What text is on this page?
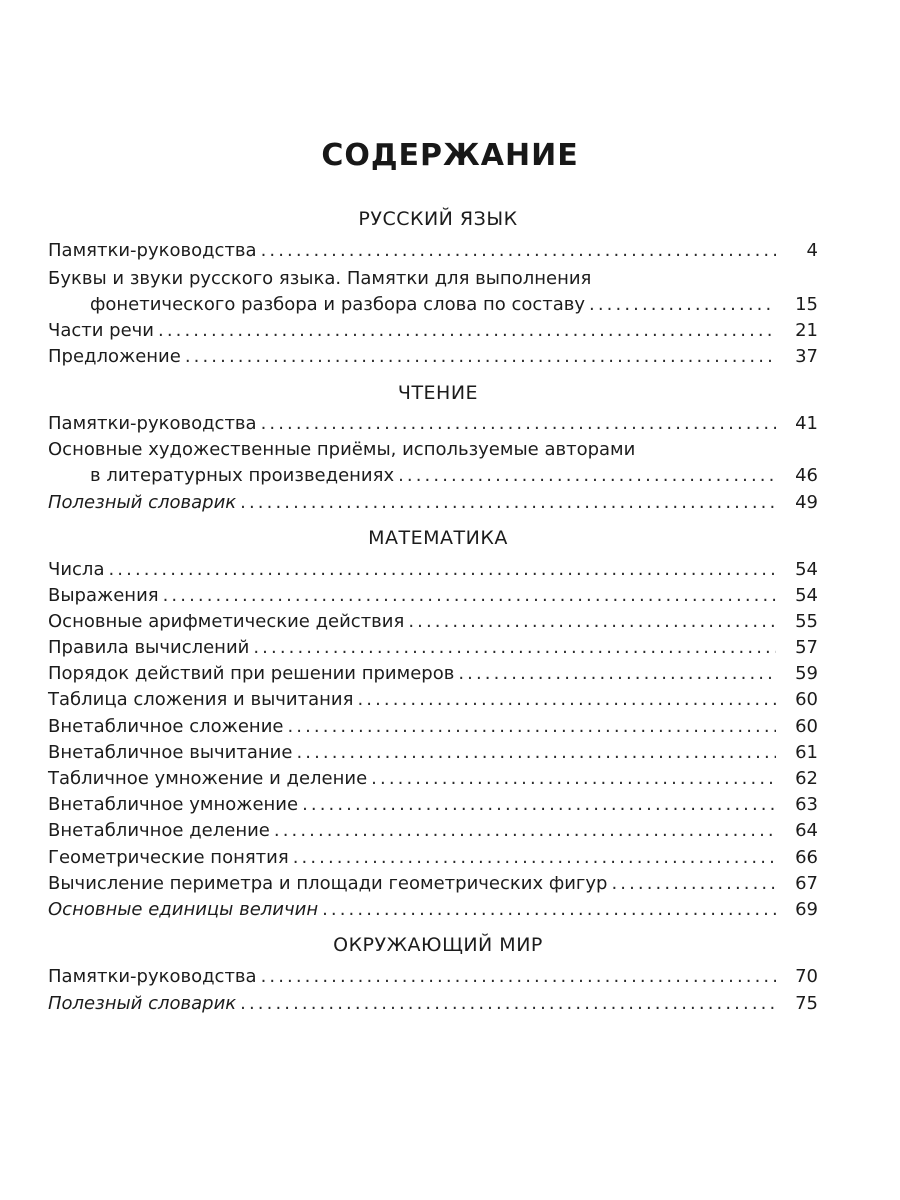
СОДЕРЖАНИЕ
РУССКИЙ ЯЗЫК
Памятки-руководства .....	4
Буквы и звуки русского языка. Памятки для выполнения
фонетического разбора и разбора слова по составу .....	15
Части речи .....	21
Предложение .....	37
ЧТЕНИЕ
Памятки-руководства .....	41
Основные художественные приёмы, используемые авторами
в литературных произведениях .....	46
Полезный словарик .....	49
МАТЕМАТИКА
Числа .....	54
Выражения .....	54
Основные арифметические действия .....	55
Правила вычислений .....	57
Порядок действий при решении примеров .....	59
Таблица сложения и вычитания .....	60
Внетабличное сложение .....	60
Внетабличное вычитание .....	61
Табличное умножение и деление .....	62
Внетабличное умножение .....	63
Внетабличное деление .....	64
Геометрические понятия .....	66
Вычисление периметра и площади геометрических фигур .....	67
Основные единицы величин .....	69
ОКРУЖАЮЩИЙ МИР
Памятки-руководства .....	70
Полезный словарик .....	75
